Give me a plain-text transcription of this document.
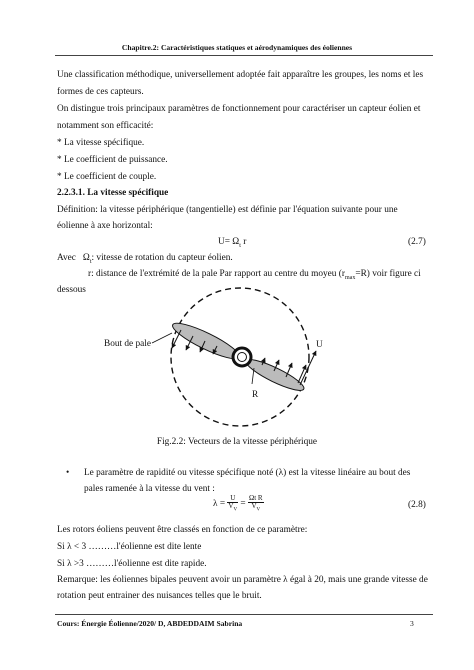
Chapitre.2: Caractéristiques statiques et aérodynamiques des éoliennes
Une classification méthodique, universellement adoptée fait apparaître les groupes, les noms et les
formes de ces capteurs.
On distingue trois principaux paramètres de fonctionnement pour caractériser un capteur éolien et
notamment son efficacité:
* La vitesse spécifique.
* Le coefficient de puissance.
* Le coefficient de couple.
2.2.3.1. La vitesse spécifique
Définition: la vitesse périphérique (tangentielle) est définie par l'équation suivante pour une
éolienne à axe horizontal:
$U= \Omega_t$ r	(2.7)
Avec $\Omega_t$: vitesse de rotation du capteur éolien.
r: distance de l'extrémité de la pale Par rapport au centre du moyeu $(r_{max}=R)$ voir figure ci
dessous
Bout de pale	U
R
Fig.2.2: Vecteurs de la vitesse périphérique
• Le paramètre de rapidité ou vitesse spécifique noté (λ) est la vitesse linéaire au bout des
pales ramenée à la vitesse du vent :
$\lambda = \frac{U}{V_V} = \frac{\text{Ωt R}}{V_V}$	(2.8)
Les rotors éoliens peuvent être classés en fonction de ce paramètre:
Si λ < 3 ………l'éolienne est dite lente
Si λ >3 ………l'éolienne est dite rapide.
Remarque: les éoliennes bipales peuvent avoir un paramètre λ égal à 20, mais une grande vitesse de
rotation peut entrainer des nuisances telles que le bruit.
Cours: Énergie Éolienne/2020/ D, ABDEDDAIM Sabrina	3
